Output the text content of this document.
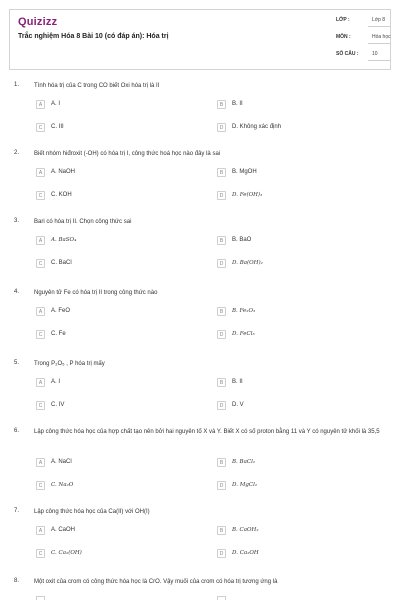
Quizizz
Trắc nghiệm Hóa 8 Bài 10 (có đáp án): Hóa trị
LỚP :	Lớp 8
MÔN :	Hóa học
SỐ CÂU :	10
1. Tính hóa trị của C trong CO biết Oxi hóa trị là II
A	A. I	B	B. II
C	C. III	D	D. Không xác định
2. Biết nhóm hiđroxit (-OH) có hóa trị I, công thức hoá học nào đây là sai
A	A. NaOH	B	B. MgOH
C	C. KOH	D	D. Fe(OH)₃
3. Bari có hóa trị II. Chọn công thức sai
A	A. BaSO₄	B	B. BaO
C	C. BaCl	D	D. Ba(OH)₂
4. Nguyên tử Fe có hóa trị II trong công thức nào
A	A. FeO	B	B. Fe₂O₃
C	C. Fe	D	D. FeCl₃
5. Trong P₂O₅ , P hóa trị mấy
A	A. I	B	B. II
C	C. IV	D	D. V
6. Lập công thức hóa học của hợp chất tạo nên bởi hai nguyên tố X và Y. Biết X có số proton bằng 11 và Y có nguyên tử khối là 35,5
A	A. NaCl	B	B. BaCl₂
C	C. Na₂O	D	D. MgCl₂
7. Lập công thức hóa học của Ca(II) với OH(I)
A	A. CaOH	B	B. CaOH₂
C	C. Ca₂(OH)	D	D. Ca₂OH
8. Một oxit của crom có công thức hóa học là CrO. Vậy muối của crom có hóa trị tương ứng là
